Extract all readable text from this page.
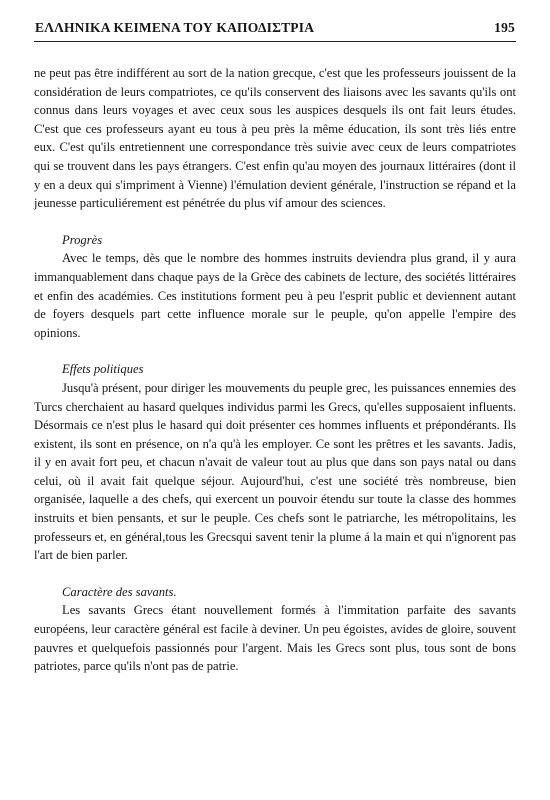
ΕΛΛΗΝΙΚΑ ΚΕΙΜΕΝΑ ΤΟΥ ΚΑΠΟΔΙΣΤΡΙΑ	195

ne peut pas être indifférent au sort de la nation grecque, c'est que les professeurs jouissent de la considération de leurs compatriotes, ce qu'ils conservent des liaisons avec les savants qu'ils ont connus dans leurs voyages et avec ceux sous les auspices desquels ils ont fait leurs études. C'est que ces professeurs ayant eu tous à peu près la même éducation, ils sont très liés entre eux. C'est qu'ils entretiennent une correspondance très suivie avec ceux de leurs compatriotes qui se trouvent dans les pays étrangers. C'est enfin qu'au moyen des journaux littéraires (dont il y en a deux qui s'impriment à Vienne) l'émulation devient générale, l'instruction se répand et la jeunesse particuliérement est pénétrée du plus vif amour des sciences.

Progrès

Avec le temps, dès que le nombre des hommes instruits deviendra plus grand, il y aura immanquablement dans chaque pays de la Grèce des cabinets de lecture, des sociétés littéraires et enfin des académies. Ces institutions forment peu à peu l'esprit public et deviennent autant de foyers desquels part cette influence morale sur le peuple, qu'on appelle l'empire des opinions.

Effets politiques

Jusqu'à présent, pour diriger les mouvements du peuple grec, les puissances ennemies des Turcs cherchaient au hasard quelques individus parmi les Grecs, qu'elles supposaient influents. Désormais ce n'est plus le hasard qui doit présenter ces hommes influents et prépondérants. Ils existent, ils sont en présence, on n'a qu'à les employer. Ce sont les prêtres et les savants. Jadis, il y en avait fort peu, et chacun n'avait de valeur tout au plus que dans son pays natal ou dans celui, où il avait fait quelque séjour. Aujourd'hui, c'est une société très nombreuse, bien organisée, laquelle a des chefs, qui exercent un pouvoir étendu sur toute la classe des hommes instruits et bien pensants, et sur le peuple. Ces chefs sont le patriarche, les métropolitains, les professeurs et, en général,tous les Grecsqui savent tenir la plume á la main et qui n'ignorent pas l'art de bien parler.

Caractère des savants.

Les savants Grecs étant nouvellement formés à l'immitation parfaite des savants européens, leur caractère général est facile à deviner. Un peu égoistes, avides de gloire, souvent pauvres et quelquefois passionnés pour l'argent. Mais les Grecs sont plus, tous sont de bons patriotes, parce qu'ils n'ont pas de patrie.
